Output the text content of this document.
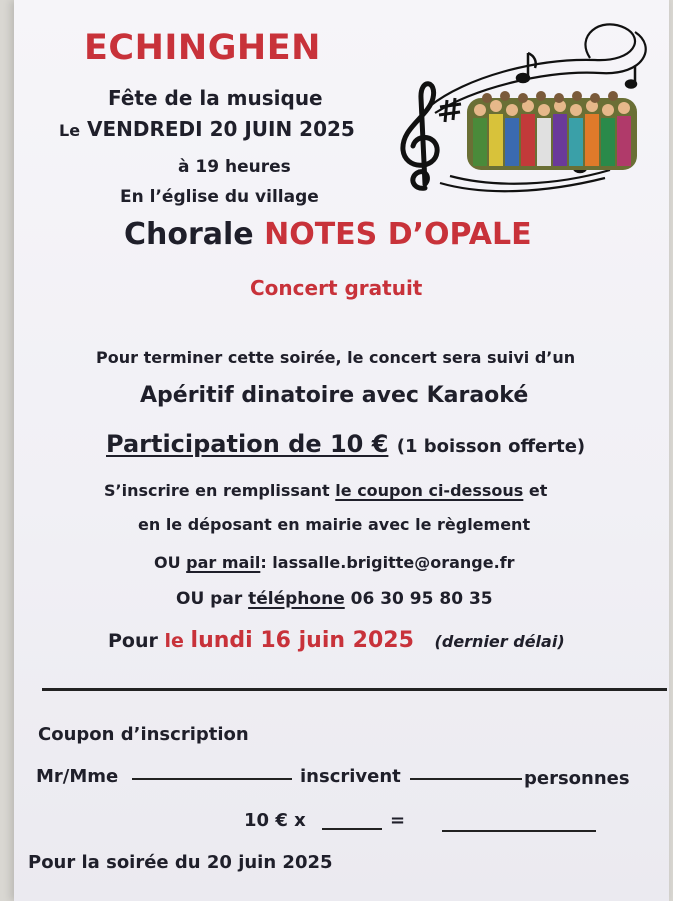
ECHINGHEN
Fête de la musique
Le VENDREDI 20 JUIN 2025
à 19 heures
En l’église du village
Chorale NOTES D’OPALE
Concert gratuit
Pour terminer cette soirée, le concert sera suivi d’un
Apéritif dinatoire avec Karaoké
Participation de 10 € (1 boisson offerte)
S’inscrire en remplissant le coupon ci-dessous et
en le déposant en mairie avec le règlement
OU par mail: lassalle.brigitte@orange.fr
OU par téléphone 06 30 95 80 35
Pour le lundi 16 juin 2025 (dernier délai)
Coupon d’inscription
Mr/Mme	inscrivent	personnes
10 € x	=
Pour la soirée du 20 juin 2025
